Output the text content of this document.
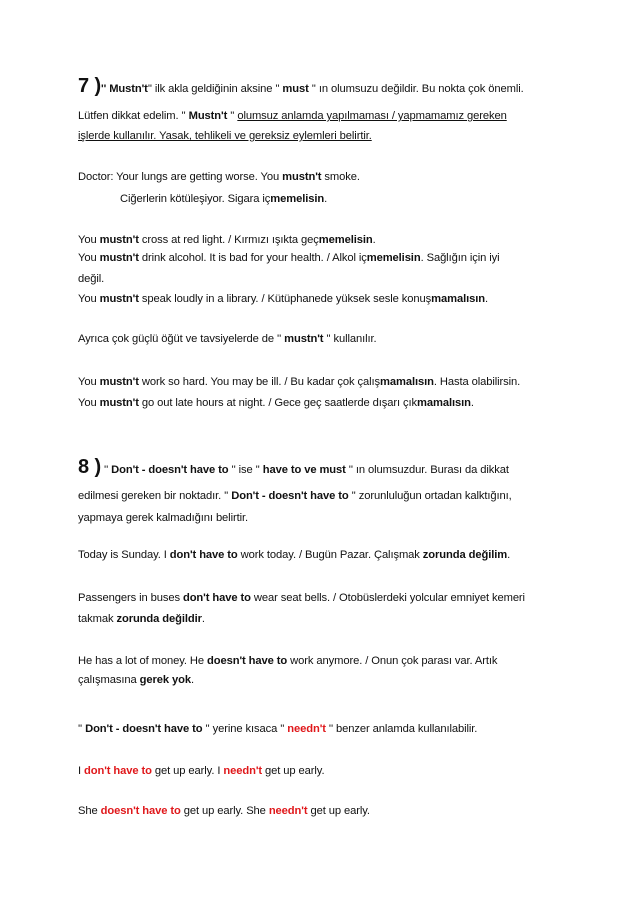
7 )'' Mustn't'' ilk akla geldiğinin aksine '' must '' ın olumsuzu değildir. Bu nokta çok önemli.
Lütfen dikkat edelim. '' Mustn't '' olumsuz anlamda yapılmaması / yapmamamız gereken
işlerde kullanılır. Yasak, tehlikeli ve gereksiz eylemleri belirtir.
Doctor: Your lungs are getting worse. You mustn't smoke.
Ciğerlerin kötüleşiyor. Sigara içmemelisin.
You mustn't cross at red light. / Kırmızı ışıkta geçmemelisin.
You mustn't drink alcohol. It is bad for your health. / Alkol içmemelisin. Sağlığın için iyi
değil.
You mustn't speak loudly in a library. / Kütüphanede yüksek sesle konuşmamalısın.
Ayrıca çok güçlü öğüt ve tavsiyelerde de '' mustn't '' kullanılır.
You mustn't work so hard. You may be ill. / Bu kadar çok çalışmamalısın. Hasta olabilirsin.
You mustn't go out late hours at night. / Gece geç saatlerde dışarı çıkmamalısın.
8 ) '' Don't - doesn't have to '' ise '' have to ve must '' ın olumsuzdur. Burası da dikkat
edilmesi gereken bir noktadır. '' Don't - doesn't have to '' zorunluluğun ortadan kalktığını,
yapmaya gerek kalmadığını belirtir.
Today is Sunday. I don't have to work today. / Bugün Pazar. Çalışmak zorunda değilim.
Passengers in buses don't have to wear seat bells. / Otobüslerdeki yolcular emniyet kemeri
takmak zorunda değildir.
He has a lot of money. He doesn't have to work anymore. / Onun çok parası var. Artık
çalışmasına gerek yok.
'' Don't - doesn't have to '' yerine kısaca '' needn't '' benzer anlamda kullanılabilir.
I don't have to get up early. I needn't get up early.
She doesn't have to get up early. She needn't get up early.
